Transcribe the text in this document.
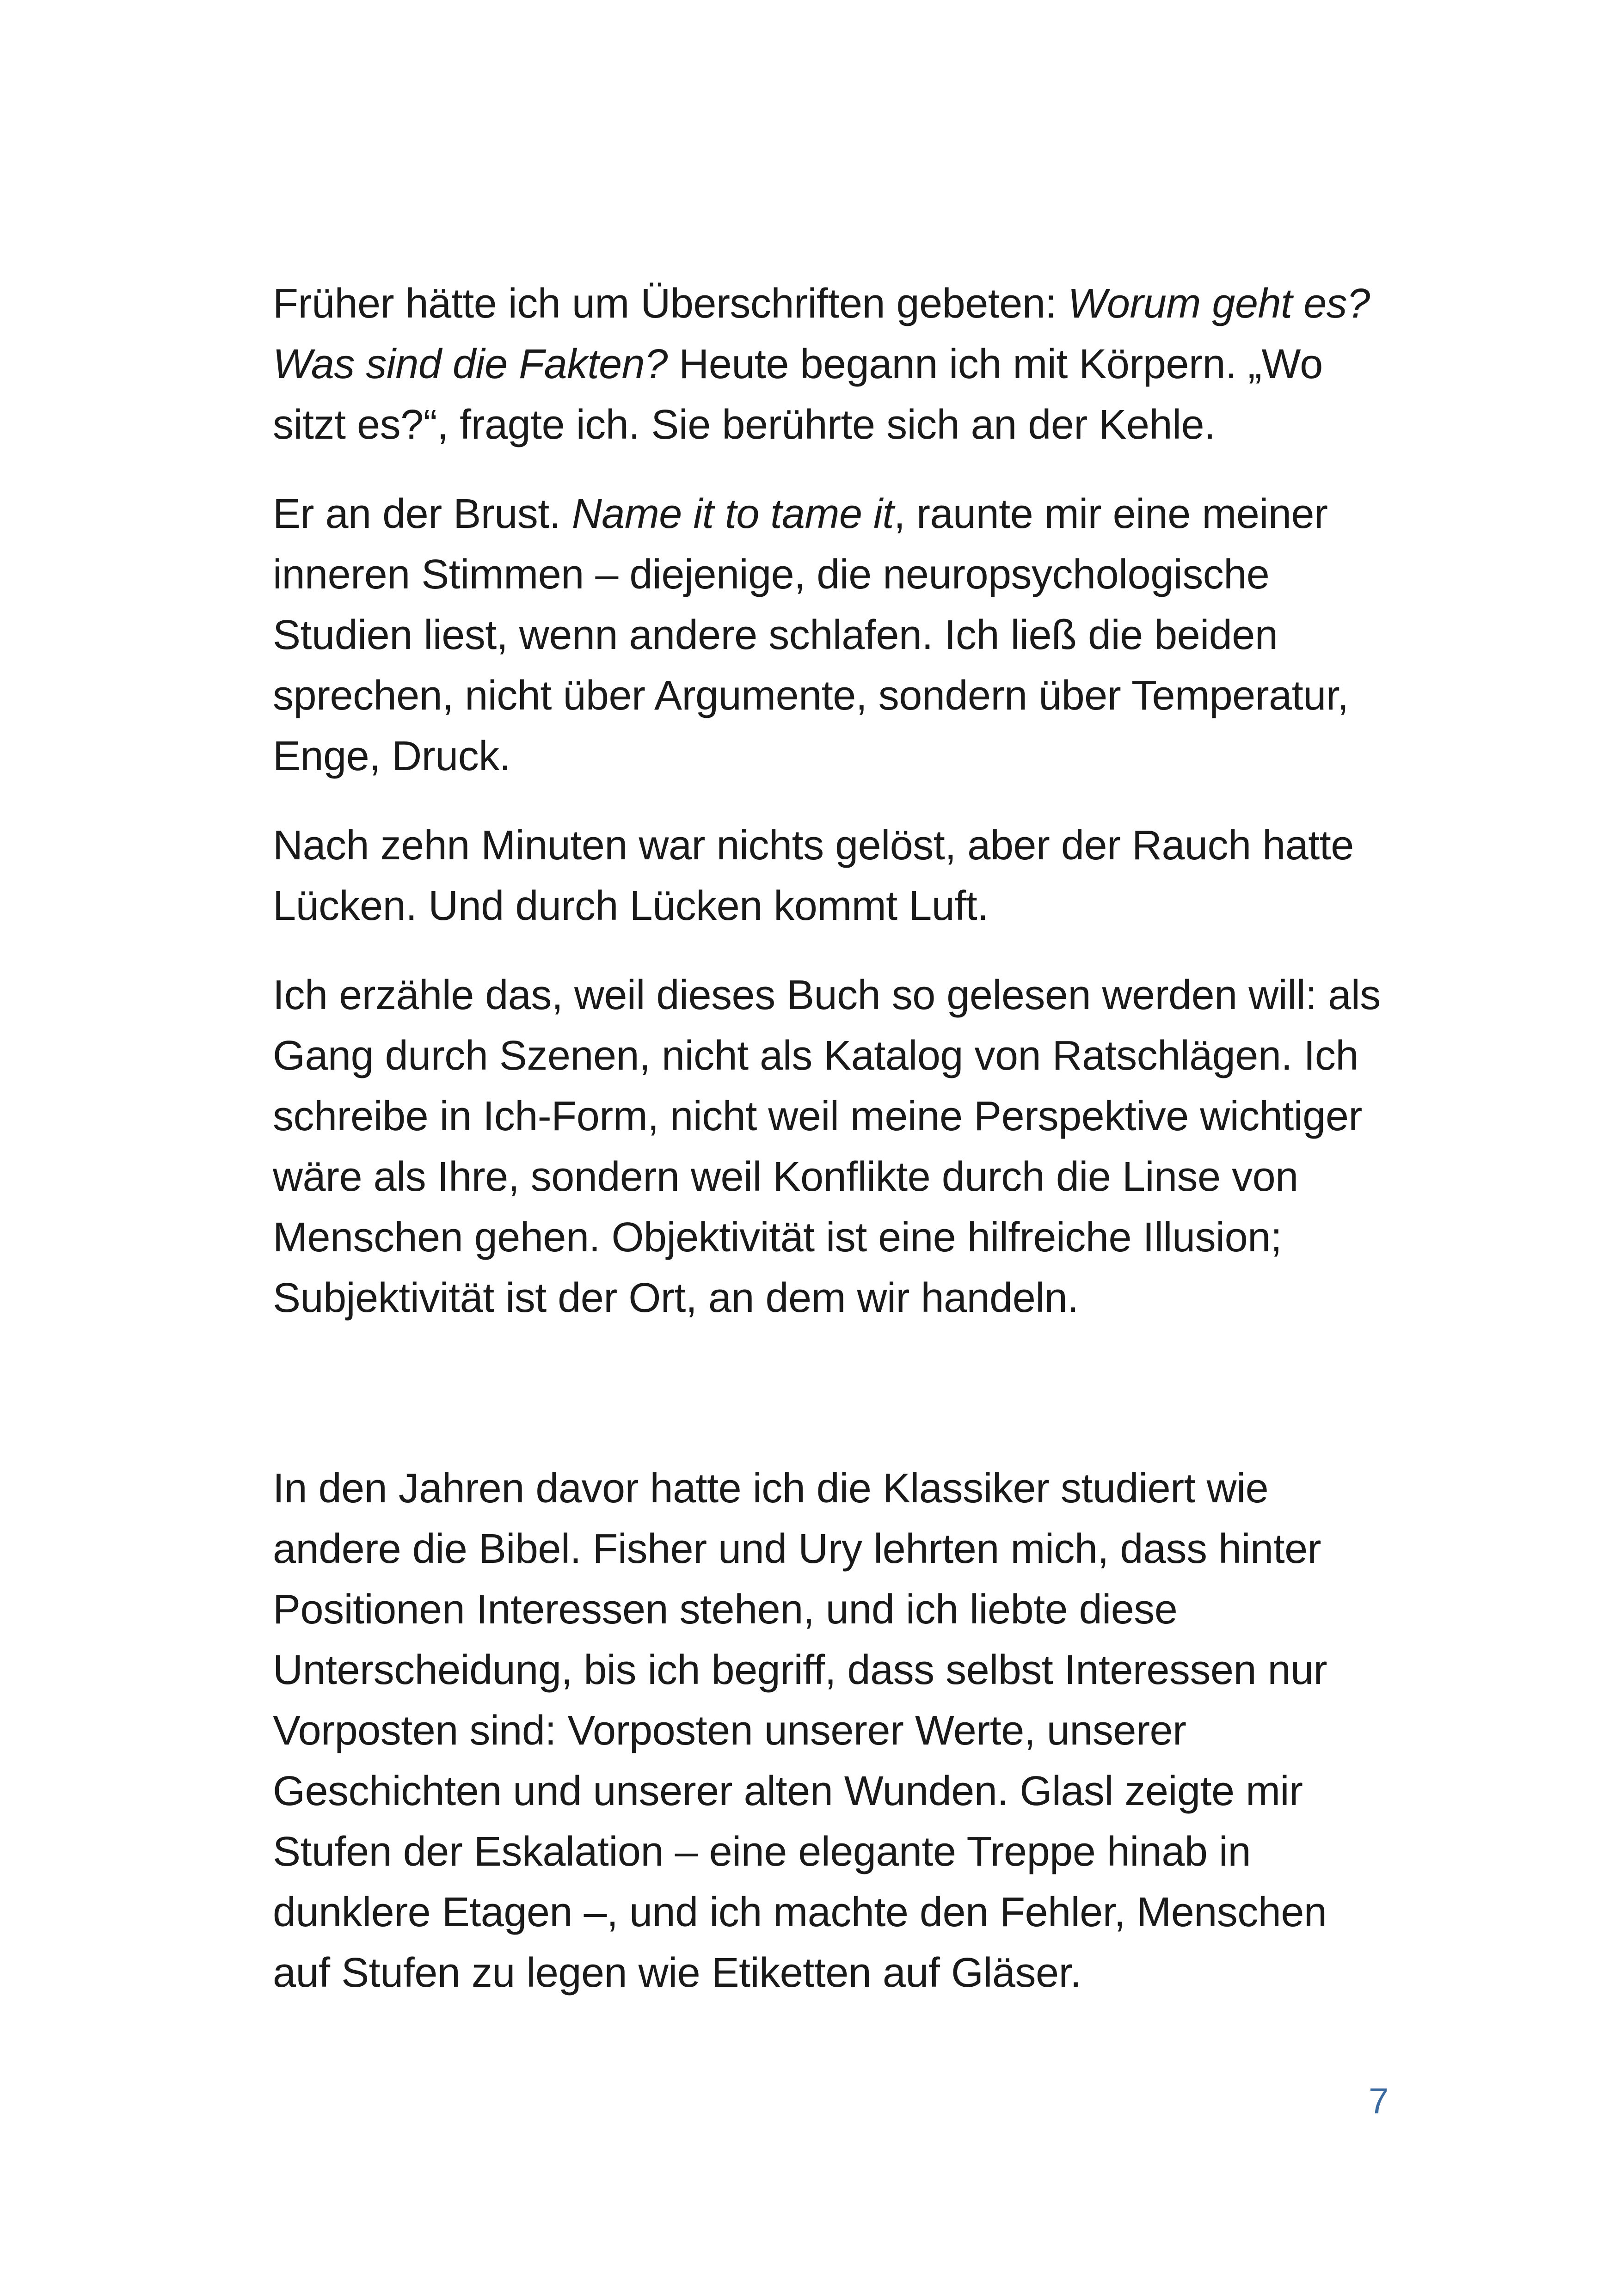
Früher hätte ich um Überschriften gebeten: Worum geht es?
Was sind die Fakten? Heute begann ich mit Körpern. „Wo
sitzt es?“, fragte ich. Sie berührte sich an der Kehle.

Er an der Brust. Name it to tame it, raunte mir eine meiner
inneren Stimmen – diejenige, die neuropsychologische
Studien liest, wenn andere schlafen. Ich ließ die beiden
sprechen, nicht über Argumente, sondern über Temperatur,
Enge, Druck.

Nach zehn Minuten war nichts gelöst, aber der Rauch hatte
Lücken. Und durch Lücken kommt Luft.

Ich erzähle das, weil dieses Buch so gelesen werden will: als
Gang durch Szenen, nicht als Katalog von Ratschlägen. Ich
schreibe in Ich-Form, nicht weil meine Perspektive wichtiger
wäre als Ihre, sondern weil Konflikte durch die Linse von
Menschen gehen. Objektivität ist eine hilfreiche Illusion;
Subjektivität ist der Ort, an dem wir handeln.

In den Jahren davor hatte ich die Klassiker studiert wie
andere die Bibel. Fisher und Ury lehrten mich, dass hinter
Positionen Interessen stehen, und ich liebte diese
Unterscheidung, bis ich begriff, dass selbst Interessen nur
Vorposten sind: Vorposten unserer Werte, unserer
Geschichten und unserer alten Wunden. Glasl zeigte mir
Stufen der Eskalation – eine elegante Treppe hinab in
dunklere Etagen –, und ich machte den Fehler, Menschen
auf Stufen zu legen wie Etiketten auf Gläser.

7
